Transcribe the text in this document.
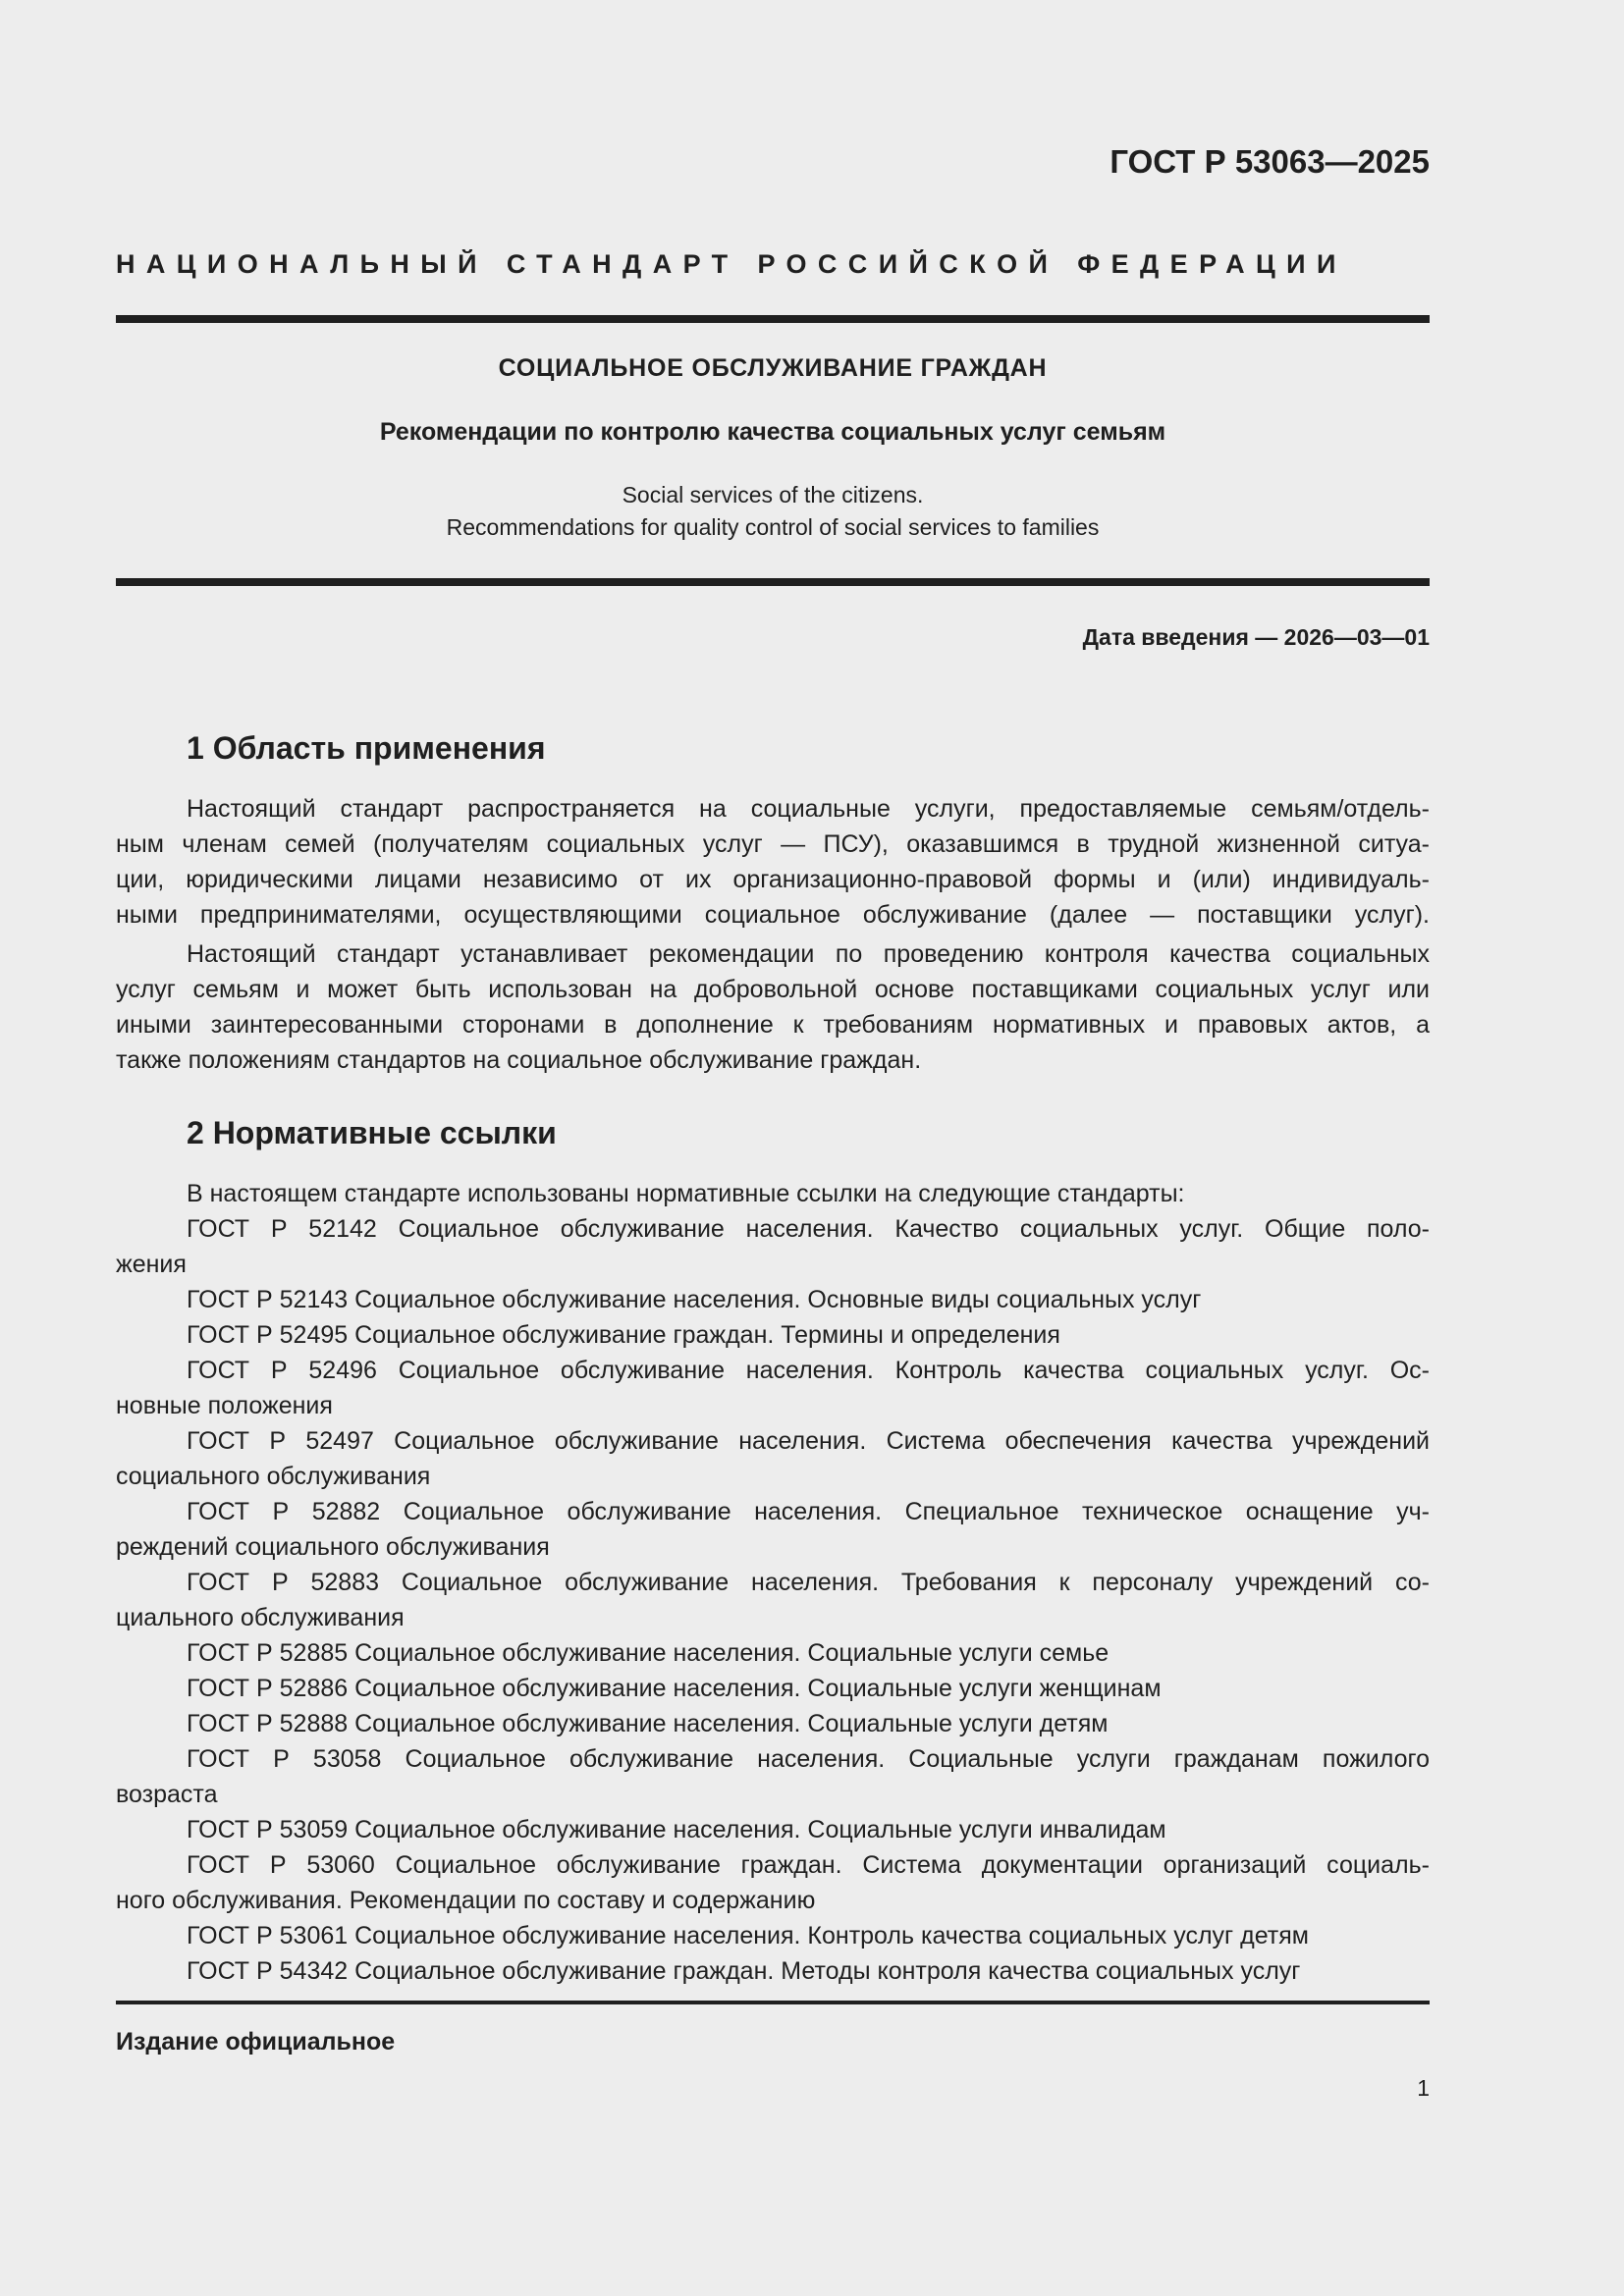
ГОСТ Р 53063—2025
НАЦИОНАЛЬНЫЙ СТАНДАРТ РОССИЙСКОЙ ФЕДЕРАЦИИ
СОЦИАЛЬНОЕ ОБСЛУЖИВАНИЕ ГРАЖДАН
Рекомендации по контролю качества социальных услуг семьям
Social services of the citizens.
Recommendations for quality control of social services to families
Дата введения — 2026—03—01
1 Область применения
Настоящий стандарт распространяется на социальные услуги, предоставляемые семьям/отдель-
ным членам семей (получателям социальных услуг — ПСУ), оказавшимся в трудной жизненной ситуа-
ции, юридическими лицами независимо от их организационно-правовой формы и (или) индивидуаль-
ными предпринимателями, осуществляющими социальное обслуживание (далее — поставщики услуг).
Настоящий стандарт устанавливает рекомендации по проведению контроля качества социальных
услуг семьям и может быть использован на добровольной основе поставщиками социальных услуг или
иными заинтересованными сторонами в дополнение к требованиям нормативных и правовых актов, а
также положениям стандартов на социальное обслуживание граждан.
2 Нормативные ссылки
В настоящем стандарте использованы нормативные ссылки на следующие стандарты:
ГОСТ Р 52142 Социальное обслуживание населения. Качество социальных услуг. Общие поло-
жения
ГОСТ Р 52143 Социальное обслуживание населения. Основные виды социальных услуг
ГОСТ Р 52495 Социальное обслуживание граждан. Термины и определения
ГОСТ Р 52496 Социальное обслуживание населения. Контроль качества социальных услуг. Ос-
новные положения
ГОСТ Р 52497 Социальное обслуживание населения. Система обеспечения качества учреждений
социального обслуживания
ГОСТ Р 52882 Социальное обслуживание населения. Специальное техническое оснащение уч-
реждений социального обслуживания
ГОСТ Р 52883 Социальное обслуживание населения. Требования к персоналу учреждений со-
циального обслуживания
ГОСТ Р 52885 Социальное обслуживание населения. Социальные услуги семье
ГОСТ Р 52886 Социальное обслуживание населения. Социальные услуги женщинам
ГОСТ Р 52888 Социальное обслуживание населения. Социальные услуги детям
ГОСТ Р 53058 Социальное обслуживание населения. Социальные услуги гражданам пожилого
возраста
ГОСТ Р 53059 Социальное обслуживание населения. Социальные услуги инвалидам
ГОСТ Р 53060 Социальное обслуживание граждан. Система документации организаций социаль-
ного обслуживания. Рекомендации по составу и содержанию
ГОСТ Р 53061 Социальное обслуживание населения. Контроль качества социальных услуг детям
ГОСТ Р 54342 Социальное обслуживание граждан. Методы контроля качества социальных услуг
Издание официальное
1
